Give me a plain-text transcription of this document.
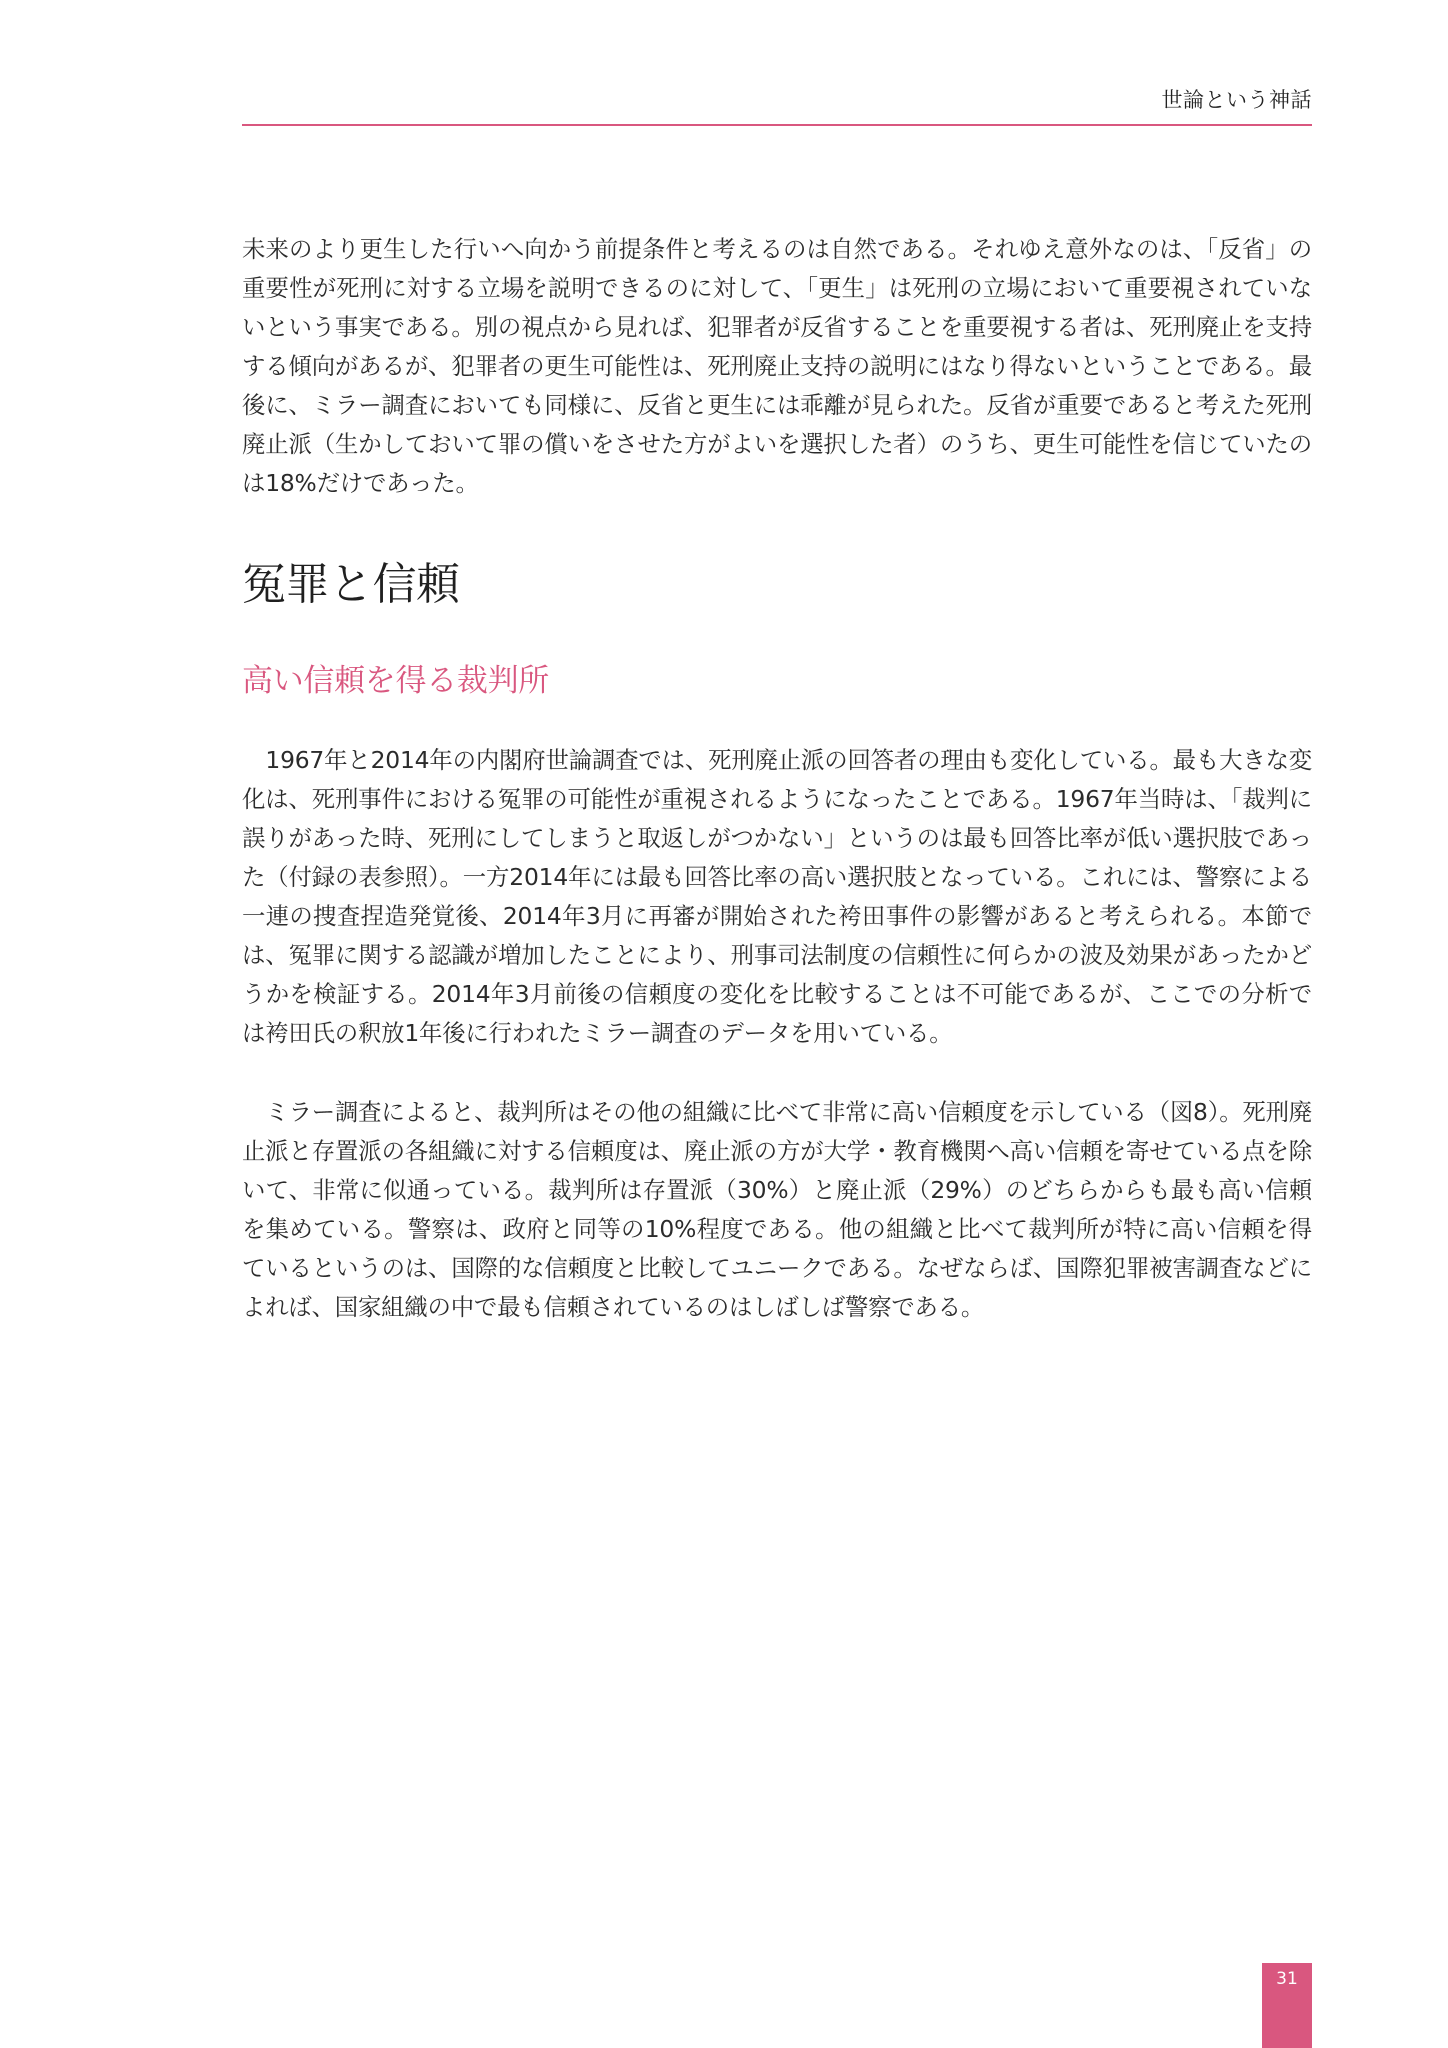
世論という神話

未来のより更生した行いへ向かう前提条件と考えるのは自然である。それゆえ意外なのは、「反省」の重要性が死刑に対する立場を説明できるのに対して、「更生」は死刑の立場において重要視されていないという事実である。別の視点から見れば、犯罪者が反省することを重要視する者は、死刑廃止を支持する傾向があるが、犯罪者の更生可能性は、死刑廃止支持の説明にはなり得ないということである。最後に、ミラー調査においても同様に、反省と更生には乖離が見られた。反省が重要であると考えた死刑廃止派（生かしておいて罪の償いをさせた方がよいを選択した者）のうち、更生可能性を信じていたのは18%だけであった。

冤罪と信頼
高い信頼を得る裁判所

1967年と2014年の内閣府世論調査では、死刑廃止派の回答者の理由も変化している。最も大きな変化は、死刑事件における冤罪の可能性が重視されるようになったことである。1967年当時は、「裁判に誤りがあった時、死刑にしてしまうと取返しがつかない」というのは最も回答比率が低い選択肢であった（付録の表参照）。一方2014年には最も回答比率の高い選択肢となっている。これには、警察による一連の捜査捏造発覚後、2014年3月に再審が開始された袴田事件の影響があると考えられる。本節では、冤罪に関する認識が増加したことにより、刑事司法制度の信頼性に何らかの波及効果があったかどうかを検証する。2014年3月前後の信頼度の変化を比較することは不可能であるが、ここでの分析では袴田氏の釈放1年後に行われたミラー調査のデータを用いている。

ミラー調査によると、裁判所はその他の組織に比べて非常に高い信頼度を示している（図8）。死刑廃止派と存置派の各組織に対する信頼度は、廃止派の方が大学・教育機関へ高い信頼を寄せている点を除いて、非常に似通っている。裁判所は存置派（30%）と廃止派（29%）のどちらからも最も高い信頼を集めている。警察は、政府と同等の10%程度である。他の組織と比べて裁判所が特に高い信頼を得ているというのは、国際的な信頼度と比較してユニークである。なぜならば、国際犯罪被害調査などによれば、国家組織の中で最も信頼されているのはしばしば警察である。

31
